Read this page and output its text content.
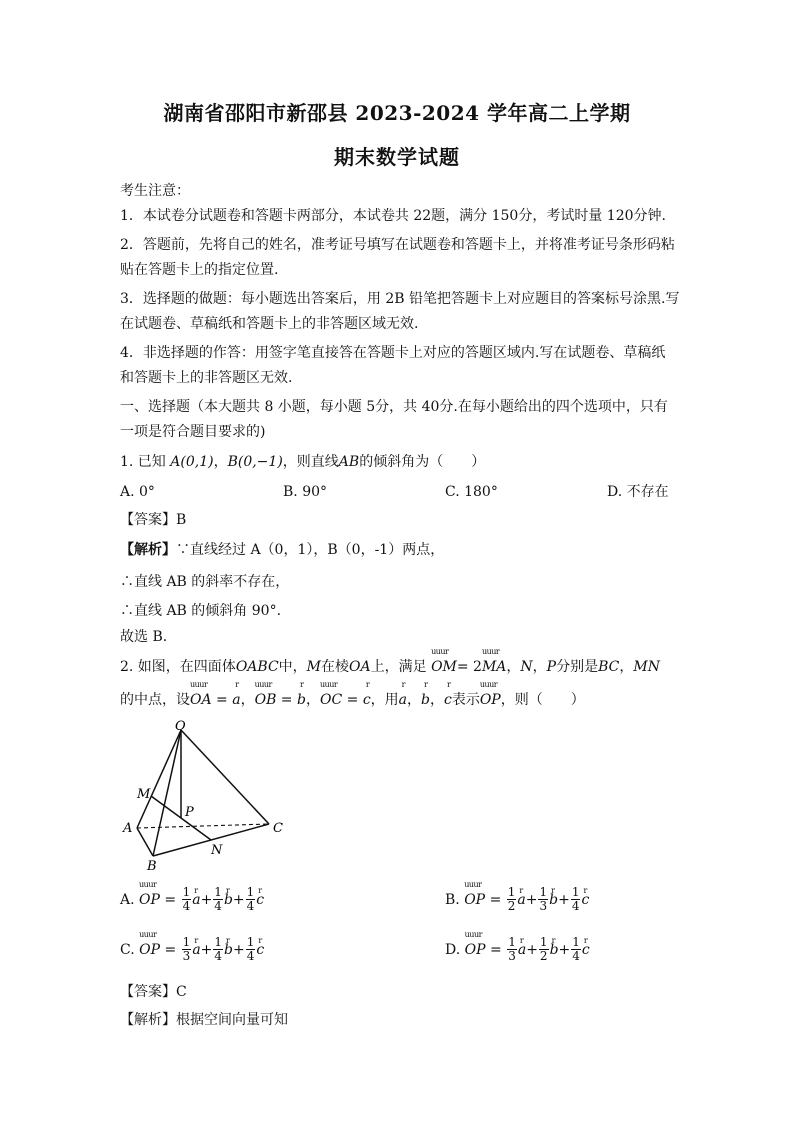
湖南省邵阳市新邵县 2023-2024 学年高二上学期
期末数学试题
考生注意：
1．本试卷分试题卷和答题卡两部分，本试卷共 22题，满分 150分，考试时量 120分钟.
2．答题前，先将自己的姓名，准考证号填写在试题卷和答题卡上，并将准考证号条形码粘
贴在答题卡上的指定位置.
3．选择题的做题：每小题选出答案后，用 2B 铅笔把答题卡上对应题目的答案标号涂黑.写
在试题卷、草稿纸和答题卡上的非答题区域无效.
4．非选择题的作答：用签字笔直接答在答题卡上对应的答题区域内.写在试题卷、草稿纸
和答题卡上的非答题区无效.
一、选择题（本大题共 8 小题，每小题 5分，共 40分.在每小题给出的四个选项中，只有
一项是符合题目要求的)
1. 已知 A(0,1)，B(0,−1)，则直线AB的倾斜角为（　　）
A. 0°	B. 90°	C. 180°	D. 不存在
【答案】B
【解析】∵直线经过 A（0，1），B（0，-1）两点，
∴直线 AB 的斜率不存在，
∴直线 AB 的倾斜角 90°.
故选 B．
2. 如图，在四面体OABC中，M在棱OA上，满足 uuur OM= 2uuur MA，N，P分别是BC，MN
的中点，设uuur OA = r a，uuur OB = r b，uuur OC = r c，用r a，r b，r c表示uuur OP，则（　　）
O
M
P
A	C
N
B
A.
uuur OP
=
$\frac{1}{4}$ r $a + \frac{1}{4}$ r $b + \frac{1}{4}$ r c	B.
uuur OP
=
$\frac{1}{2}$ r $a + \frac{1}{3}$ r $b + \frac{1}{4}$ r c
C.
uuur OP
=
$\frac{1}{3}$ r $a + \frac{1}{4}$ r $b + \frac{1}{4}$ r c	D.
uuur OP
=
$\frac{1}{3}$ r $a + \frac{1}{2}$ r $b + \frac{1}{4}$ r c
【答案】C
【解析】根据空间向量可知
